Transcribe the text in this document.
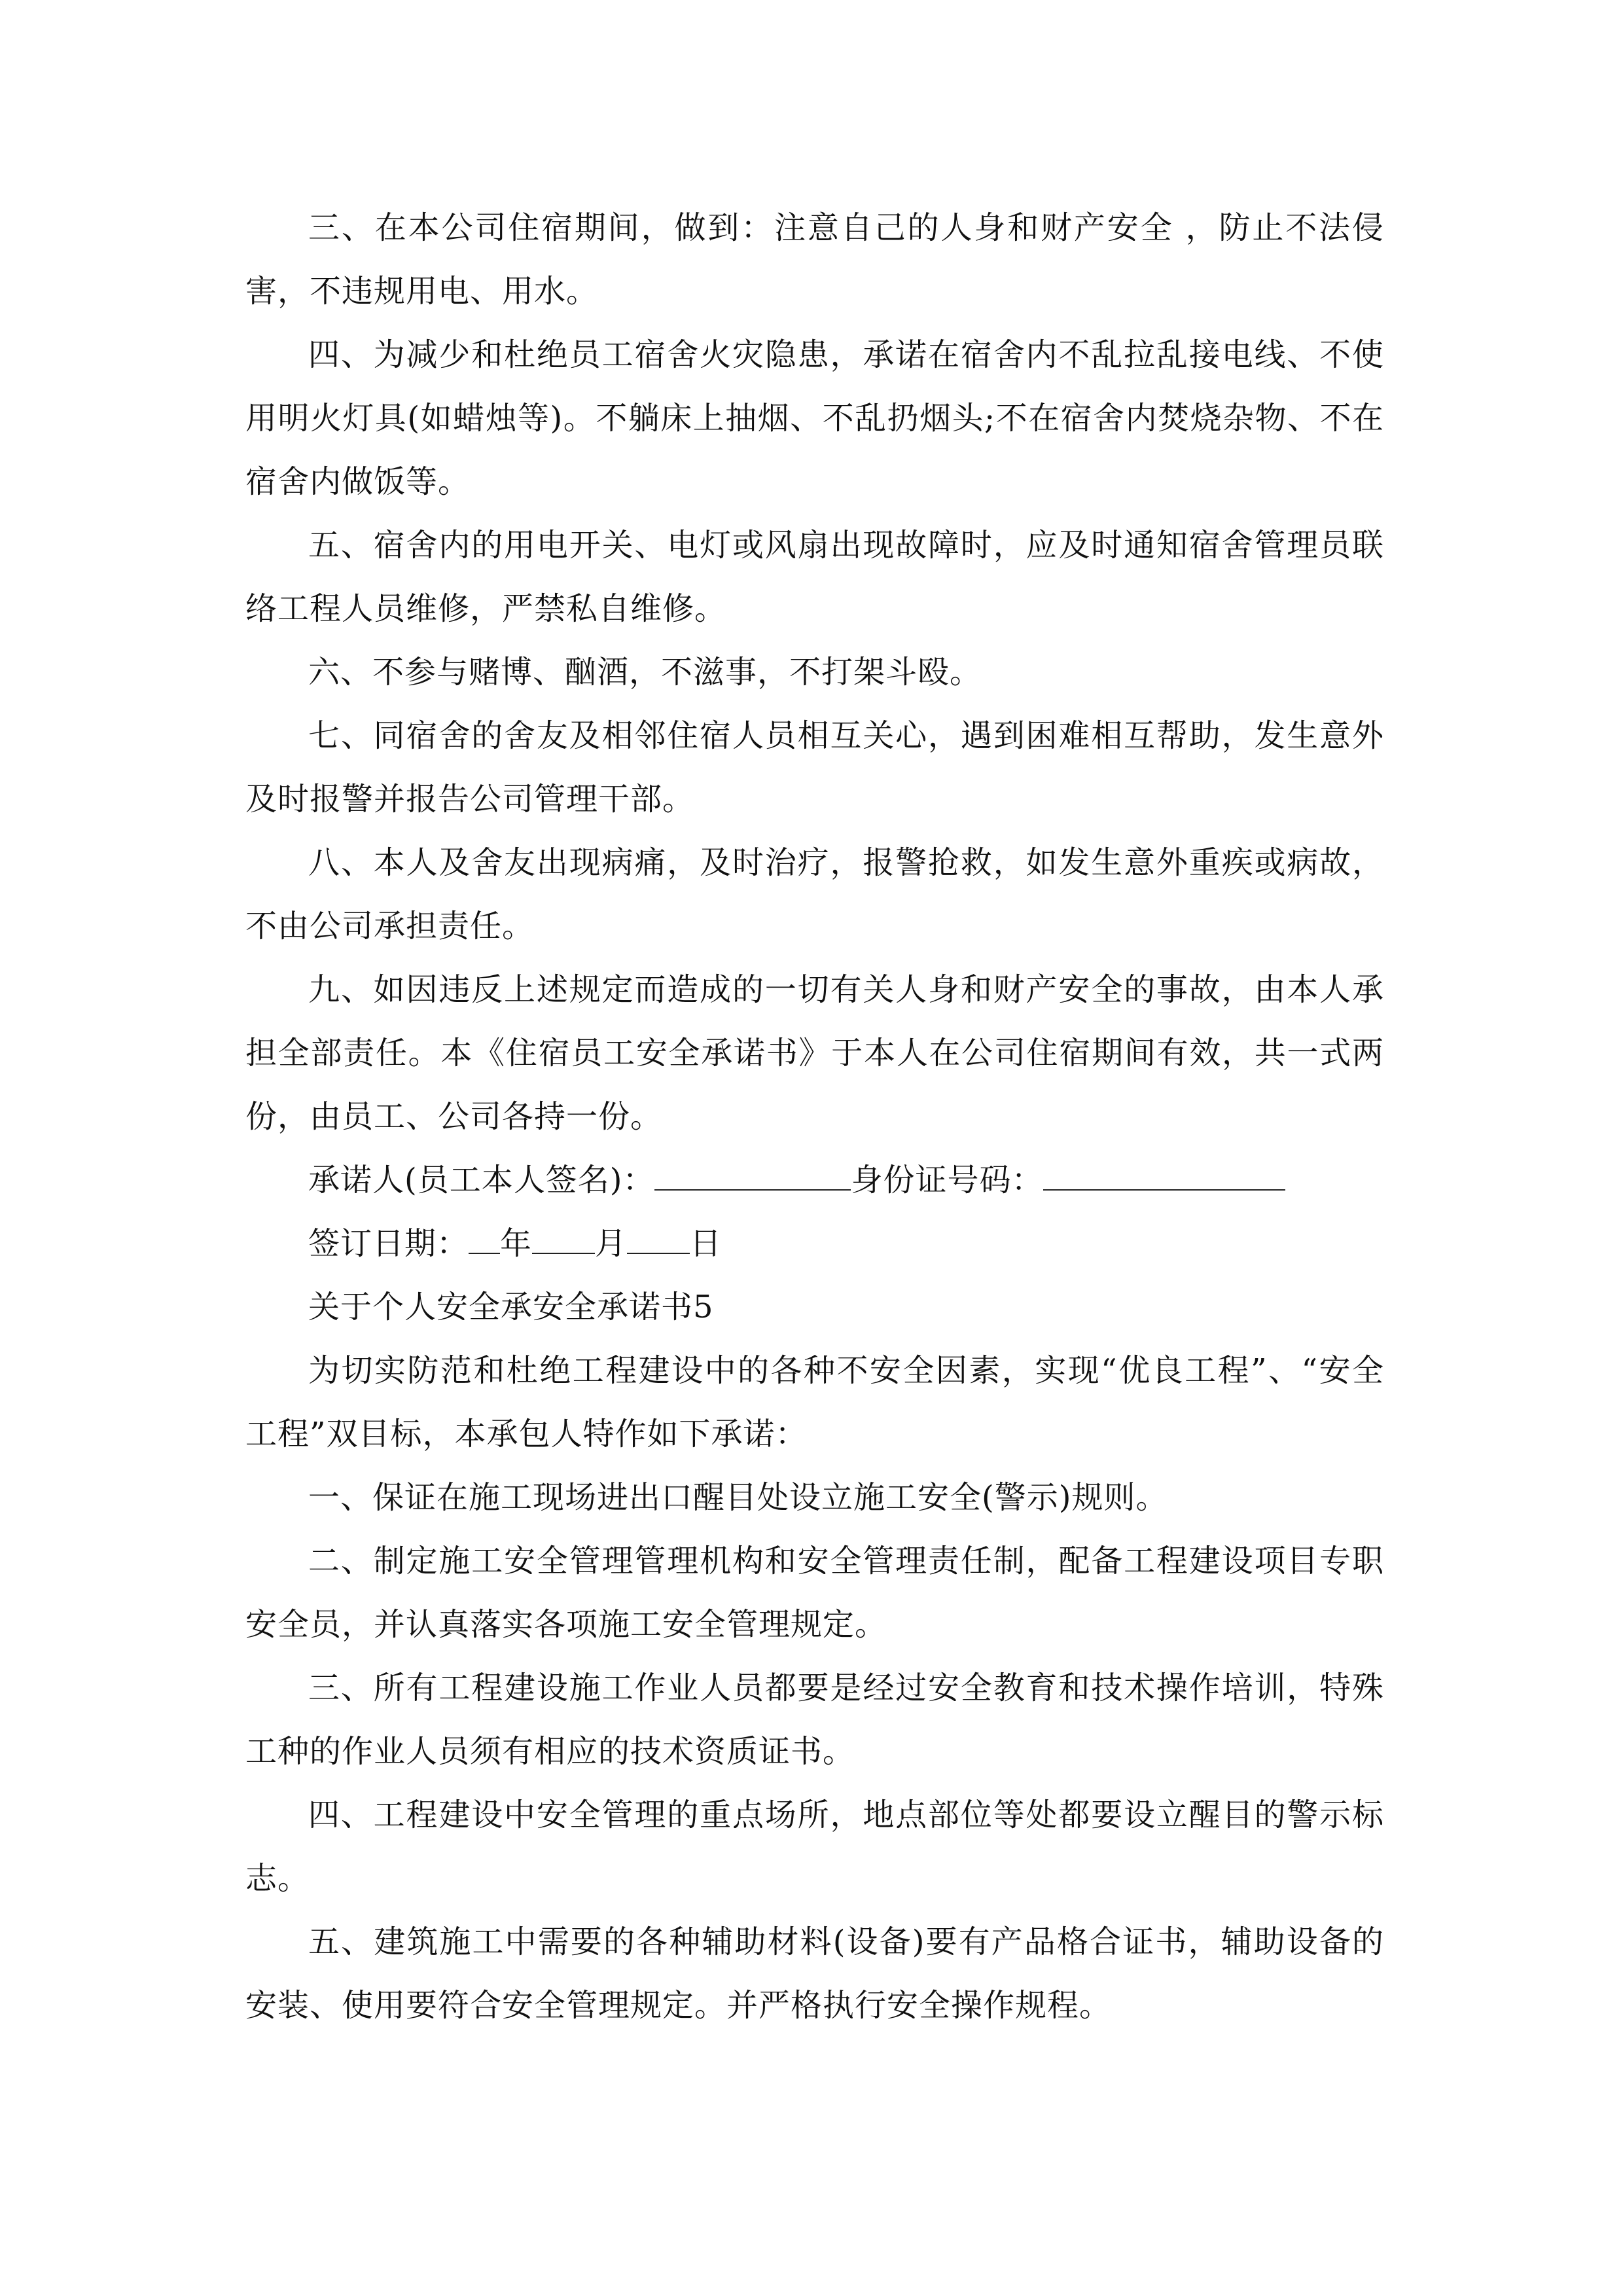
三、在本公司住宿期间，做到：注意自己的人身和财产安全 ，防止不法侵害，不违规用电、用水。

四、为减少和杜绝员工宿舍火灾隐患，承诺在宿舍内不乱拉乱接电线、不使用明火灯具(如蜡烛等)。不躺床上抽烟、不乱扔烟头;不在宿舍内焚烧杂物、不在宿舍内做饭等。

五、宿舍内的用电开关、电灯或风扇出现故障时，应及时通知宿舍管理员联络工程人员维修，严禁私自维修。

六、不参与赌博、酗酒，不滋事，不打架斗殴。

七、同宿舍的舍友及相邻住宿人员相互关心，遇到困难相互帮助，发生意外及时报警并报告公司管理干部。

八、本人及舍友出现病痛，及时治疗，报警抢救，如发生意外重疾或病故，不由公司承担责任。

九、如因违反上述规定而造成的一切有关人身和财产安全的事故，由本人承担全部责任。本《住宿员工安全承诺书》于本人在公司住宿期间有效，共一式两份，由员工、公司各持一份。

承诺人(员工本人签名)：	身份证号码：

签订日期： 年 月 日

关于个人安全承安全承诺书5

为切实防范和杜绝工程建设中的各种不安全因素，实现“优良工程”、“安全工程”双目标，本承包人特作如下承诺：

一、保证在施工现场进出口醒目处设立施工安全(警示)规则。

二、制定施工安全管理管理机构和安全管理责任制，配备工程建设项目专职安全员，并认真落实各项施工安全管理规定。

三、所有工程建设施工作业人员都要是经过安全教育和技术操作培训，特殊工种的作业人员须有相应的技术资质证书。

四、工程建设中安全管理的重点场所，地点部位等处都要设立醒目的警示标志。

五、建筑施工中需要的各种辅助材料(设备)要有产品格合证书，辅助设备的安装、使用要符合安全管理规定。并严格执行安全操作规程。
